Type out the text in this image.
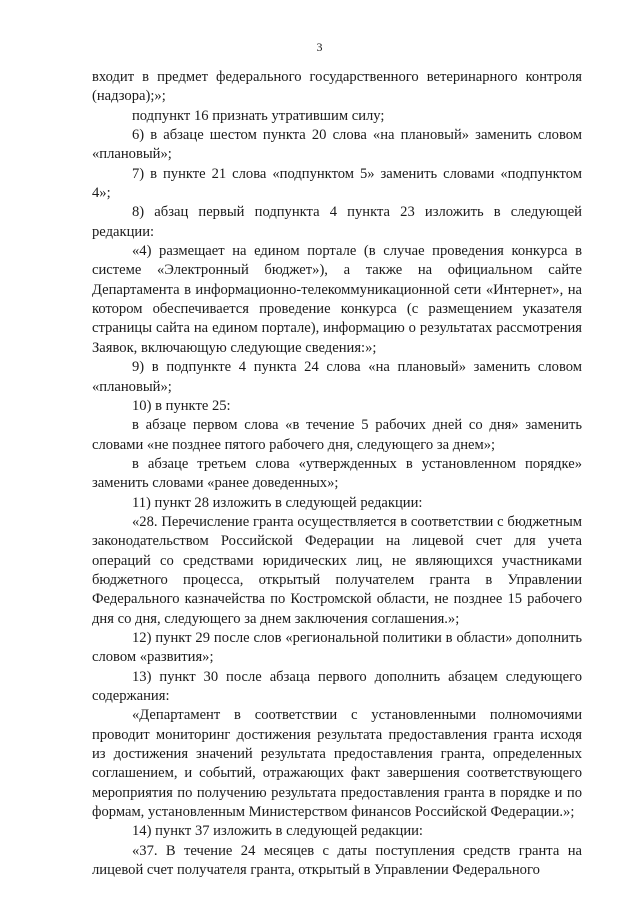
3

входит в предмет федерального государственного ветеринарного контроля (надзора);»;

подпункт 16 признать утратившим силу;

6) в абзаце шестом пункта 20 слова «на плановый» заменить словом «плановый»;

7) в пункте 21 слова «подпунктом 5» заменить словами «подпунктом 4»;

8) абзац первый подпункта 4 пункта 23 изложить в следующей редакции:

«4) размещает на едином портале (в случае проведения конкурса в системе «Электронный бюджет»), а также на официальном сайте Департамента в информационно-телекоммуникационной сети «Интернет», на котором обеспечивается проведение конкурса (с размещением указателя страницы сайта на едином портале), информацию о результатах рассмотрения Заявок, включающую следующие сведения:»;

9) в подпункте 4 пункта 24 слова «на плановый» заменить словом «плановый»;

10) в пункте 25:

в абзаце первом слова «в течение 5 рабочих дней со дня» заменить словами «не позднее пятого рабочего дня, следующего за днем»;

в абзаце третьем слова «утвержденных в установленном порядке» заменить словами «ранее доведенных»;

11) пункт 28 изложить в следующей редакции:

«28. Перечисление гранта осуществляется в соответствии с бюджетным законодательством Российской Федерации на лицевой счет для учета операций со средствами юридических лиц, не являющихся участниками бюджетного процесса, открытый получателем гранта в Управлении Федерального казначейства по Костромской области, не позднее 15 рабочего дня со дня, следующего за днем заключения соглашения.»;

12) пункт 29 после слов «региональной политики в области» дополнить словом «развития»;

13) пункт 30 после абзаца первого дополнить абзацем следующего содержания:

«Департамент в соответствии с установленными полномочиями проводит мониторинг достижения результата предоставления гранта исходя из достижения значений результата предоставления гранта, определенных соглашением, и событий, отражающих факт завершения соответствующего мероприятия по получению результата предоставления гранта в порядке и по формам, установленным Министерством финансов Российской Федерации.»;

14) пункт 37 изложить в следующей редакции:

«37. В течение 24 месяцев с даты поступления средств гранта на лицевой счет получателя гранта, открытый в Управлении Федерального
